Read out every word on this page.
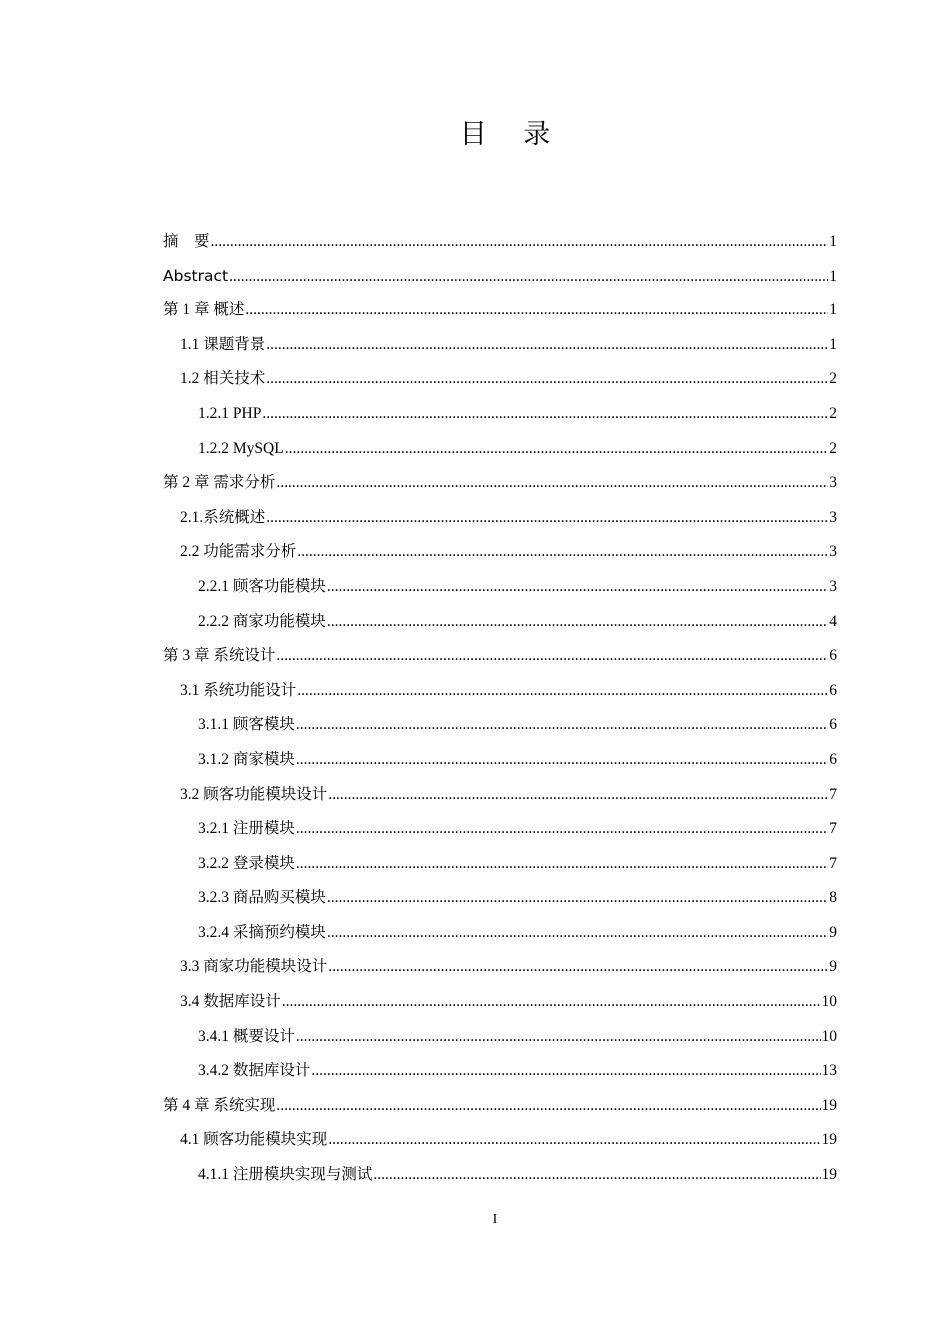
目 录
摘　要 .....	1
Abstract .....	1
第 1 章 概述 .....	1
1.1 课题背景 .....	1
1.2 相关技术 .....	2
1.2.1 PHP .....	2
1.2.2 MySQL .....	2
第 2 章 需求分析 .....	3
2.1.系统概述 .....	3
2.2 功能需求分析 .....	3
2.2.1 顾客功能模块 .....	3
2.2.2 商家功能模块 .....	4
第 3 章 系统设计 .....	6
3.1 系统功能设计 .....	6
3.1.1 顾客模块 .....	6
3.1.2 商家模块 .....	6
3.2 顾客功能模块设计 .....	7
3.2.1 注册模块 .....	7
3.2.2 登录模块 .....	7
3.2.3 商品购买模块 .....	8
3.2.4 采摘预约模块 .....	9
3.3 商家功能模块设计 .....	9
3.4 数据库设计 .....	10
3.4.1 概要设计 .....	10
3.4.2 数据库设计 .....	13
第 4 章 系统实现 .....	19
4.1 顾客功能模块实现 .....	19
4.1.1 注册模块实现与测试 .....	19
I
